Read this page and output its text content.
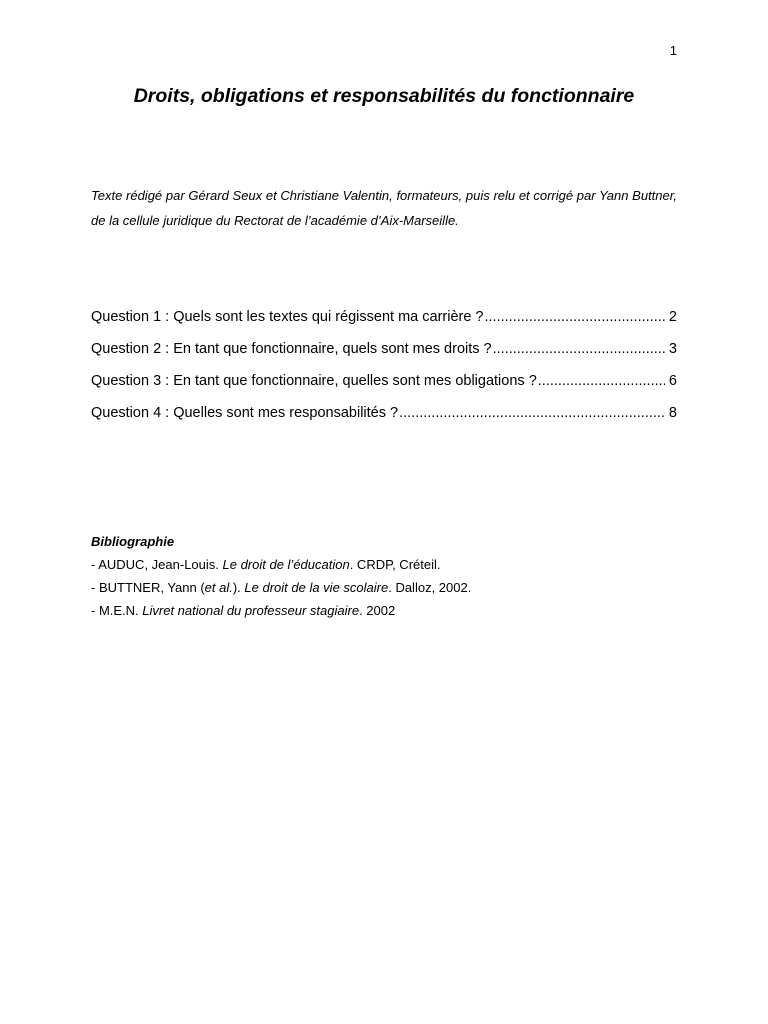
1
Droits, obligations et responsabilités du fonctionnaire

Texte rédigé par Gérard Seux et Christiane Valentin, formateurs, puis relu et corrigé par Yann Buttner, de la cellule juridique du Rectorat de l’académie d’Aix-Marseille.

Question 1 : Quels sont les textes qui régissent ma carrière ? .....	2
Question 2 : En tant que fonctionnaire, quels sont mes droits ? .....	3
Question 3 : En tant que fonctionnaire, quelles sont mes obligations ? .....	6
Question 4 : Quelles sont mes responsabilités ? .....	8
Bibliographie
- AUDUC, Jean-Louis. Le droit de l’éducation. CRDP, Créteil.
- BUTTNER, Yann (et al.). Le droit de la vie scolaire. Dalloz, 2002.
- M.E.N. Livret national du professeur stagiaire. 2002
